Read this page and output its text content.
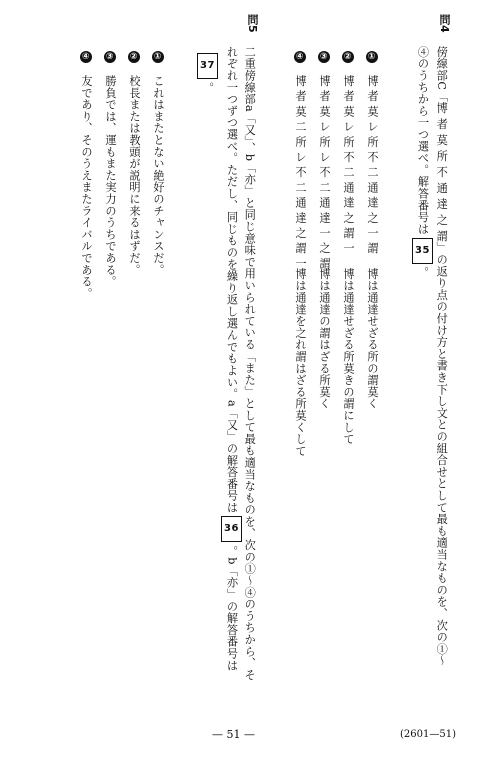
問4
傍線部C「博 者 莫 所 不 通 達 之 謂」の返り点の付け方と書き下し文との組合せとして最も適当なものを、次の①～
④のうちから一つ選べ。解答番号は35。
① 博者莫レ所不二通達之一謂
博は通達せざる所の謂莫く
② 博者莫レ所不二通達之謂一
博は通達せざる所莫きの謂にして
③ 博者莫レ所レ不二通達一之謂
博は通達の謂はざる所莫く
④ 博者莫二所レ不二通達之謂一
博は通達を之れ謂はざる所莫くして
問5
二重傍線部a「又」、b「亦」と同じ意味で用いられている「また」として最も適当なものを、次の①～④のうちから、そ
れぞれ一つずつ選べ。ただし、同じものを繰り返し選んでもよい。a「又」の解答番号は36。b「亦」の解答番号は
37。
① これはまたとない絶好のチャンスだ。
② 校長または教頭が説明に来るはずだ。
③ 勝負では、運もまた実力のうちである。
④ 友であり、そのうえまたライバルである。
— 51 —	(2601—51)
